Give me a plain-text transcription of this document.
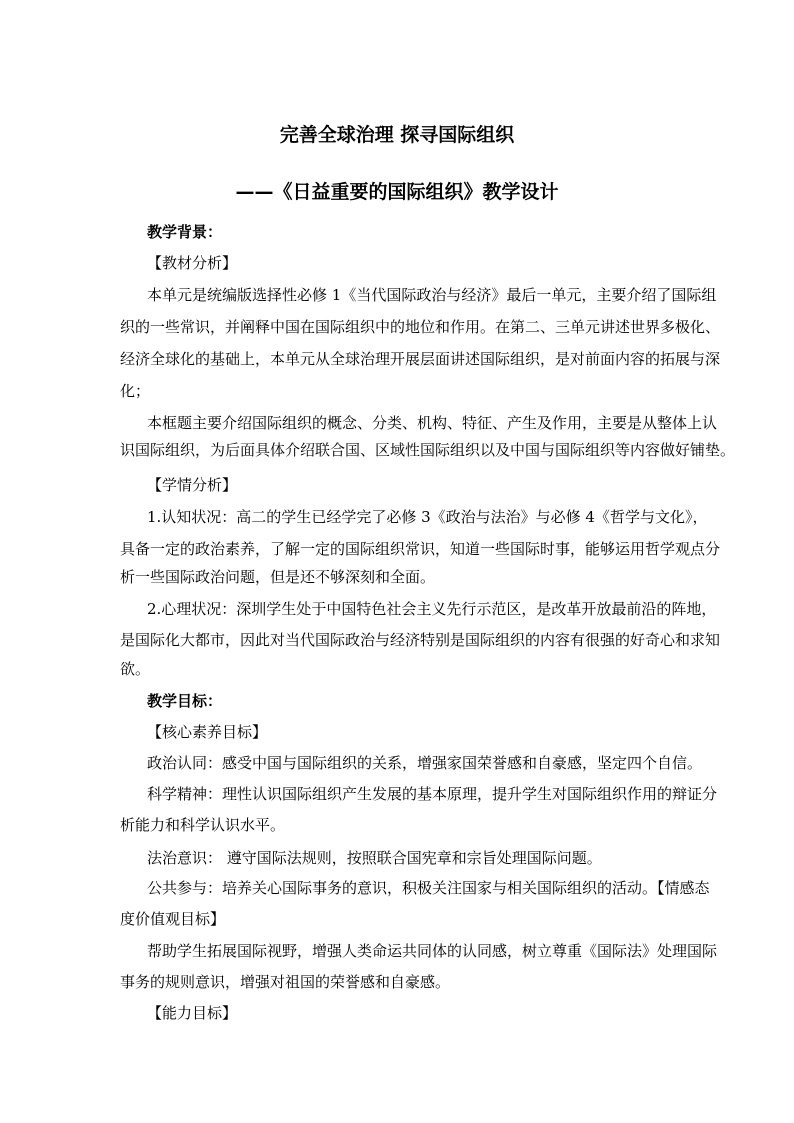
完善全球治理 探寻国际组织
——《日益重要的国际组织》教学设计
教学背景：
【教材分析】
本单元是统编版选择性必修 1《当代国际政治与经济》最后一单元，主要介绍了国际组
织的一些常识，并阐释中国在国际组织中的地位和作用。在第二、三单元讲述世界多极化、
经济全球化的基础上，本单元从全球治理开展层面讲述国际组织，是对前面内容的拓展与深
化；
本框题主要介绍国际组织的概念、分类、机构、特征、产生及作用，主要是从整体上认
识国际组织，为后面具体介绍联合国、区域性国际组织以及中国与国际组织等内容做好铺垫。
【学情分析】
1.认知状况：高二的学生已经学完了必修 3《政治与法治》与必修 4《哲学与文化》，
具备一定的政治素养，了解一定的国际组织常识，知道一些国际时事，能够运用哲学观点分
析一些国际政治问题，但是还不够深刻和全面。
2.心理状况：深圳学生处于中国特色社会主义先行示范区，是改革开放最前沿的阵地，
是国际化大都市，因此对当代国际政治与经济特别是国际组织的内容有很强的好奇心和求知
欲。
教学目标：
【核心素养目标】
政治认同：感受中国与国际组织的关系，增强家国荣誉感和自豪感，坚定四个自信。
科学精神：理性认识国际组织产生发展的基本原理，提升学生对国际组织作用的辩证分
析能力和科学认识水平。
法治意识： 遵守国际法规则，按照联合国宪章和宗旨处理国际问题。
公共参与：培养关心国际事务的意识，积极关注国家与相关国际组织的活动。【情感态
度价值观目标】
帮助学生拓展国际视野，增强人类命运共同体的认同感，树立尊重《国际法》处理国际
事务的规则意识，增强对祖国的荣誉感和自豪感。
【能力目标】
